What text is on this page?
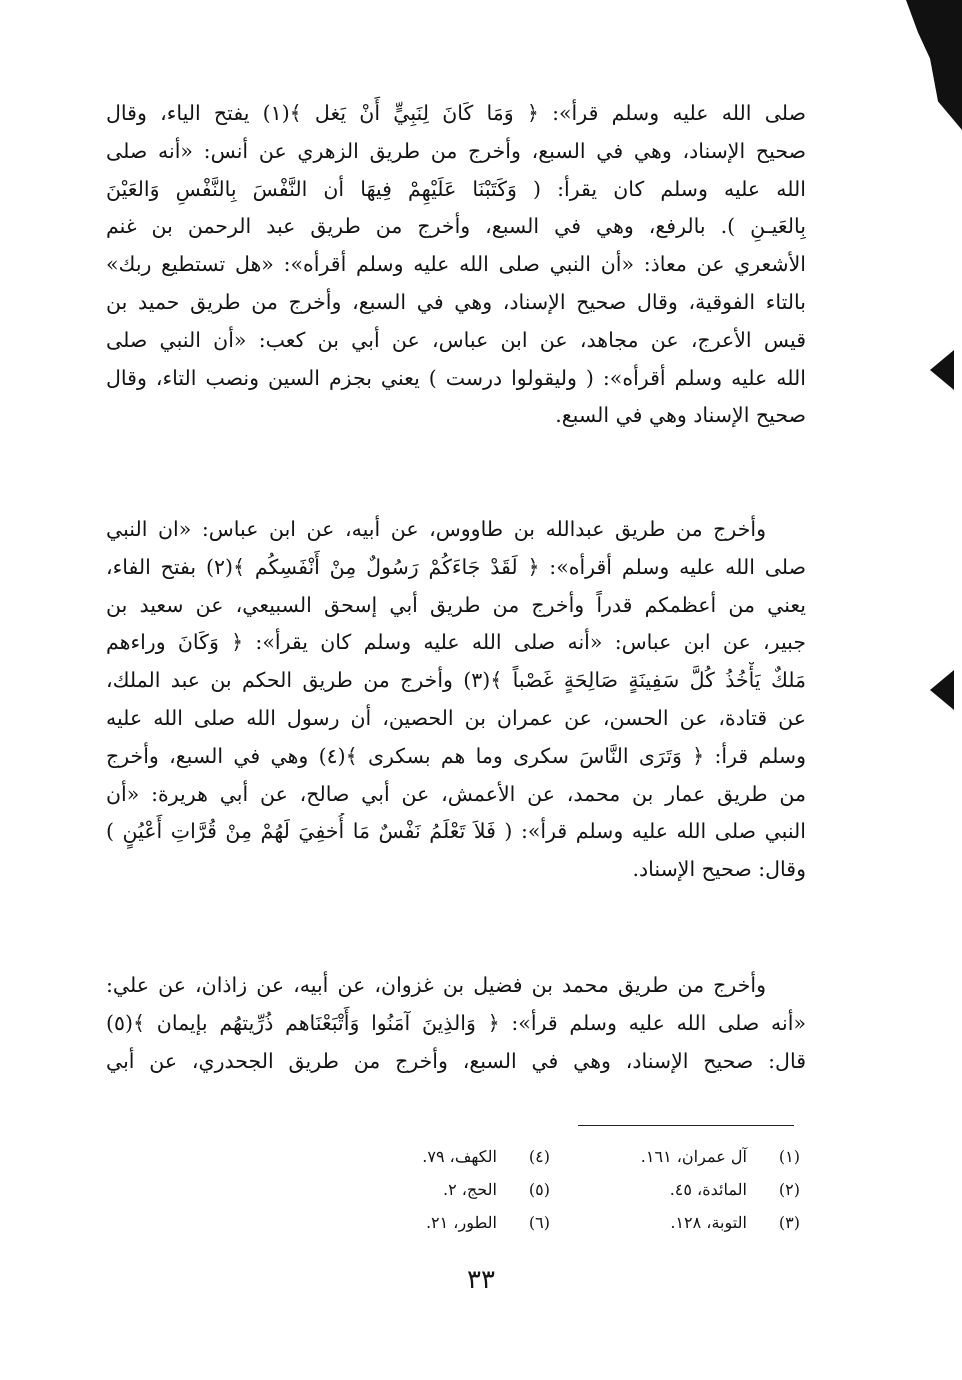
صلى الله عليه وسلم قرأ»: ﴿ وَمَا كَانَ لِنَبِيٍّ أَنْ يَغل ﴾(١) يفتح الياء، وقال
صحيح الإسناد، وهي في السبع، وأخرج من طريق الزهري عن أنس: «أنه صلى
الله عليه وسلم كان يقرأ: ( وَكَتَبْنَا عَلَيْهِمْ فِيهَا أن النَّفْسَ بِالنَّفْسِ وَالعَيْنَ
بِالعَيـنِ ). بالرفع، وهي في السبع، وأخرج من طريق عبد الرحمن بن غنم
الأشعري عن معاذ: «أن النبي صلى الله عليه وسلم أقرأه»: «هل تستطيع ربك»
بالتاء الفوقية، وقال صحيح الإسناد، وهي في السبع، وأخرج من طريق حميد بن
قيس الأعرج، عن مجاهد، عن ابن عباس، عن أبي بن كعب: «أن النبي صلى
الله عليه وسلم أقرأه»: ( وليقولوا درست ) يعني بجزم السين ونصب التاء، وقال
صحيح الإسناد وهي في السبع.
وأخرج من طريق عبدالله بن طاووس، عن أبيه، عن ابن عباس: «ان النبي
صلى الله عليه وسلم أقرأه»: ﴿ لَقَدْ جَاءَكُمْ رَسُولٌ مِنْ أَنْفَسِكُم ﴾(٢) بفتح الفاء،
يعني من أعظمكم قدراً وأخرج من طريق أبي إسحق السبيعي، عن سعيد بن
جبير، عن ابن عباس: «أنه صلى الله عليه وسلم كان يقرأ»: ﴿ وَكَانَ وراءهم
مَلكٌ يَأْخُذُ كُلَّ سَفِينَةٍ صَالِحَةٍ غَصْباً ﴾(٣) وأخرج من طريق الحكم بن عبد الملك،
عن قتادة، عن الحسن، عن عمران بن الحصين، أن رسول الله صلى الله عليه
وسلم قرأ: ﴿ وَتَرَى النَّاسَ سكرى وما هم بسكرى ﴾(٤) وهي في السبع، وأخرج
من طريق عمار بن محمد، عن الأعمش، عن أبي صالح، عن أبي هريرة: «أن
النبي صلى الله عليه وسلم قرأ»: ( فَلاَ تَعْلَمُ نَفْسٌ مَا أُخفِيَ لَهُمْ مِنْ قُرَّاتِ أَعْيُنٍ )
وقال: صحيح الإسناد.
وأخرج من طريق محمد بن فضيل بن غزوان، عن أبيه، عن زاذان، عن علي:
«أنه صلى الله عليه وسلم قرأ»: ﴿ وَالذِينَ آمَنُوا وَأَتْبَعْنَاهم ذُرِّيتهُم بإيمان ﴾(٥)
قال: صحيح الإسناد، وهي في السبع، وأخرج من طريق الجحدري، عن أبي
(١) آل عمران، ١٦١.
(٢) المائدة، ٤٥.
(٣) التوبة، ١٢٨.
(٤) الكهف، ٧٩.
(٥) الحج، ٢.
(٦) الطور، ٢١.
٣٣
